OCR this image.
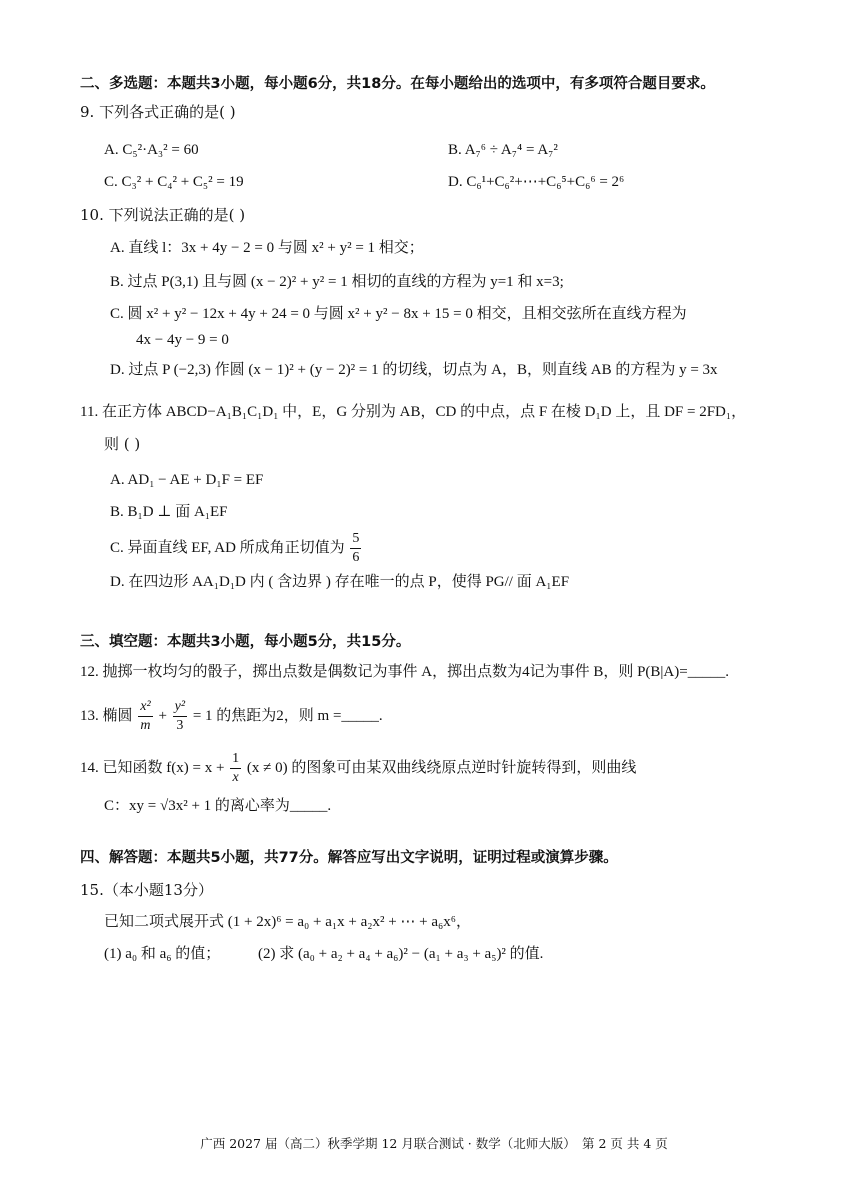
二、多选题：本题共3小题，每小题6分，共18分。在每小题给出的选项中，有多项符合题目要求。
9. 下列各式正确的是( )
A. C₅²·A₃² = 60	B. A₇⁶ ÷ A₇⁴ = A₇²
C. C₃² + C₄² + C₅² = 19	D. C₆¹+C₆²+⋯+C₆⁵+C₆⁶ = 2⁶
10. 下列说法正确的是( )
A. 直线 l：3x + 4y − 2 = 0 与圆 x² + y² = 1 相交；
B. 过点 P(3,1) 且与圆 (x − 2)² + y² = 1 相切的直线的方程为 y=1 和 x=3;
C. 圆 x² + y² − 12x + 4y + 24 = 0 与圆 x² + y² − 8x + 15 = 0 相交，且相交弦所在直线方程为
4x − 4y − 9 = 0
D. 过点 P (−2,3) 作圆 (x − 1)² + (y − 2)² = 1 的切线，切点为 A，B，则直线 AB 的方程为 y = 3x
11. 在正方体 ABCD−A₁B₁C₁D₁ 中，E，G 分别为 AB，CD 的中点，点 F 在棱 D₁D 上，且 DF = 2FD₁，
则 ( )
A. AD₁ − AE + D₁F = EF
B. B₁D ⊥ 面 A₁EF
C. 异面直线 EF, AD 所成角正切值为 $\frac{5}{6}$
D. 在四边形 AA₁D₁D 内 ( 含边界 ) 存在唯一的点 P，使得 PG// 面 A₁EF
三、填空题：本题共3小题，每小题5分，共15分。
12. 抛掷一枚均匀的骰子，掷出点数是偶数记为事件 A，掷出点数为4记为事件 B，则 P(B|A)=_____.
13. 椭圆 $\frac{\text{x²}}{m} + \frac{\text{y²}}{3} = 1$ 的焦距为2，则 m =_____.
14. 已知函数 $f(x) = x + \frac{1}{x} (x \ne 0)$ 的图象可由某双曲线绕原点逆时针旋转得到，则曲线
C：xy = √3x² + 1 的离心率为_____.
四、解答题：本题共5小题，共77分。解答应写出文字说明，证明过程或演算步骤。
15.（本小题13分）
已知二项式展开式 (1 + 2x)⁶ = a₀ + a₁x + a₂x² + ⋯ + a₆x⁶，
(1) a₀ 和 a₆ 的值；	(2) 求 (a₀ + a₂ + a₄ + a₆)² − (a₁ + a₃ + a₅)² 的值.
广西 2027 届（高二）秋季学期 12 月联合测试 · 数学（北师大版）　第 2 页 共 4 页
